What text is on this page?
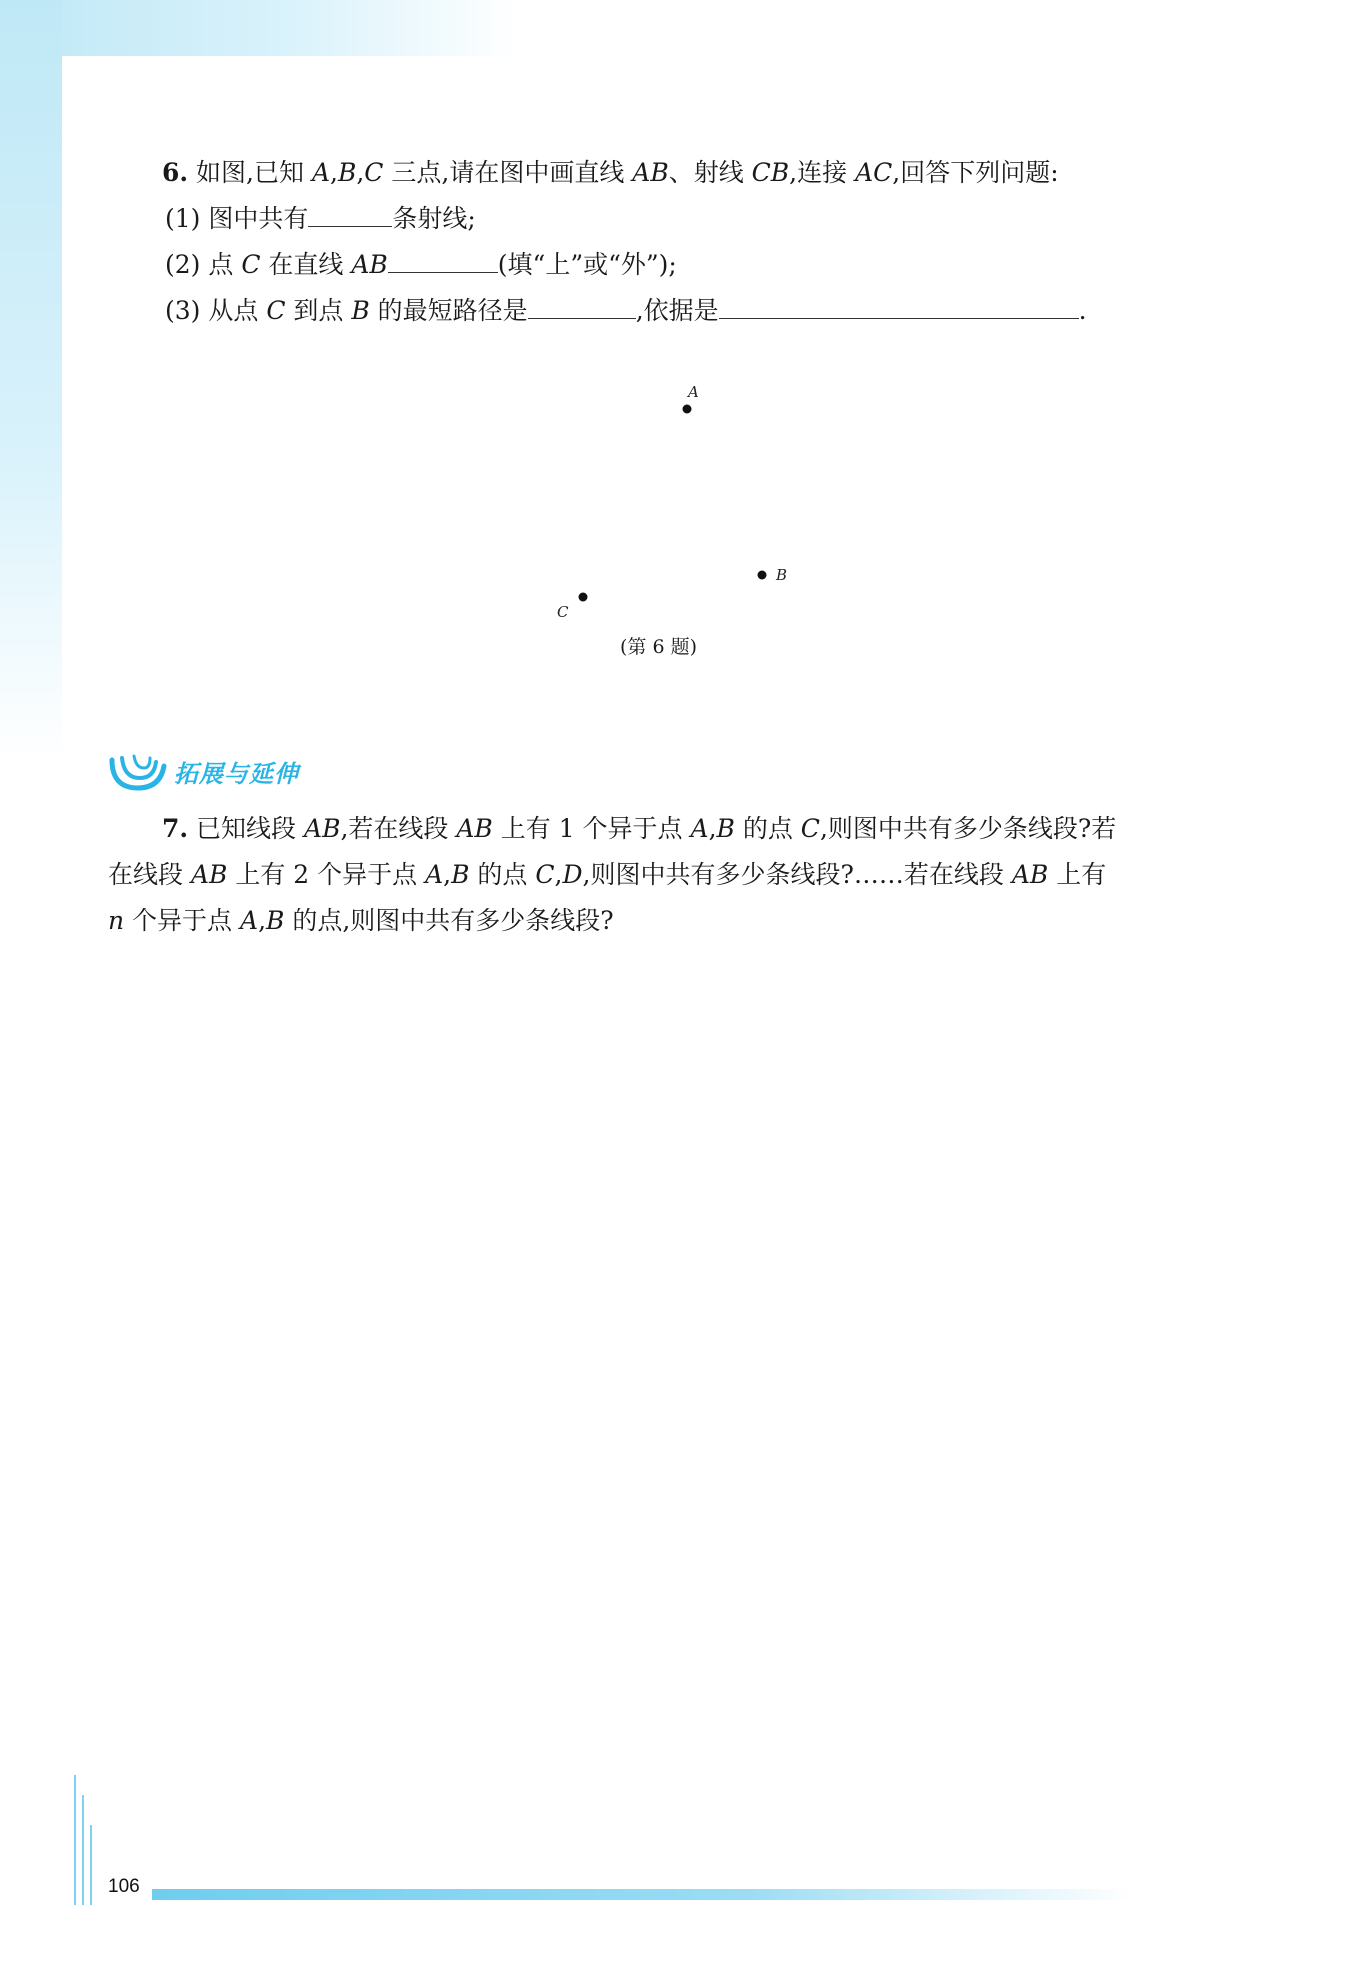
6. 如图,已知 A,B,C 三点,请在图中画直线 AB、射线 CB,连接 AC,回答下列问题:
(1) 图中共有	条射线;
(2) 点 C 在直线 AB	(填“上”或“外”);
(3) 从点 C 到点 B 的最短路径是	,依据是	.
A
B
C
(第 6 题)
拓展与延伸

7. 已知线段 AB,若在线段 AB 上有 1 个异于点 A,B 的点 C,则图中共有多少条线段?若

在线段 AB 上有 2 个异于点 A,B 的点 C,D,则图中共有多少条线段?……若在线段 AB 上有

n 个异于点 A,B 的点,则图中共有多少条线段?

106
